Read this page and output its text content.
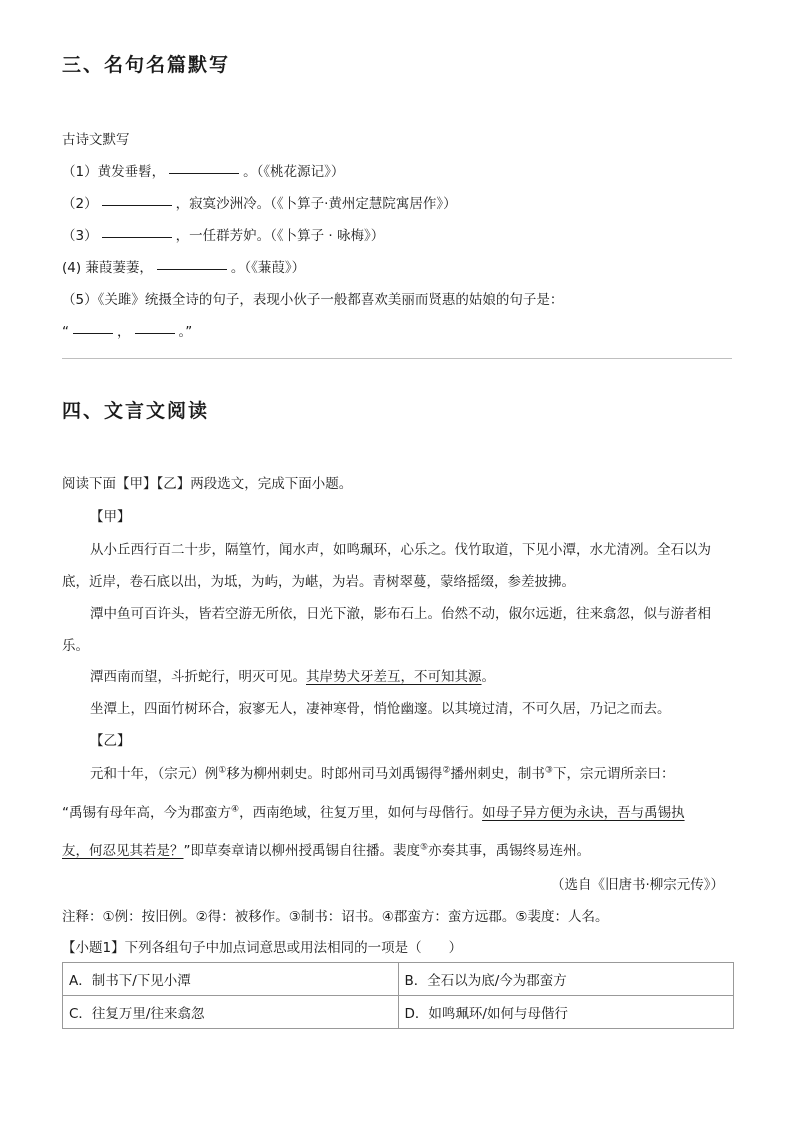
三、名句名篇默写
古诗文默写
（1）黄发垂髫，	。（《桃花源记》）
（2）	，寂寞沙洲冷。（《卜算子·黄州定慧院寓居作》）
（3）	，一任群芳妒。（《卜算子 · 咏梅》）
(4) 蒹葭萋萋，	。（《蒹葭》）
（5）《关雎》统摄全诗的句子，表现小伙子一般都喜欢美丽而贤惠的姑娘的句子是：
“	，	。”
四、文言文阅读
阅读下面【甲】【乙】两段选文，完成下面小题。
【甲】
从小丘西行百二十步，隔篁竹，闻水声，如鸣珮环，心乐之。伐竹取道，下见小潭，水尤清冽。全石以为
底，近岸，卷石底以出，为坻，为屿，为嵁，为岩。青树翠蔓，蒙络摇缀，参差披拂。
潭中鱼可百许头，皆若空游无所依，日光下澈，影布石上。佁然不动，俶尔远逝，往来翕忽，似与游者相
乐。
潭西南而望，斗折蛇行，明灭可见。其岸势犬牙差互，不可知其源。
坐潭上，四面竹树环合，寂寥无人，凄神寒骨，悄怆幽邃。以其境过清，不可久居，乃记之而去。
【乙】
元和十年，（宗元）例①移为柳州刺史。时郎州司马刘禹锡得②播州刺史，制书③下，宗元谓所亲曰：
“禹锡有母年高，今为郡蛮方④，西南绝域，往复万里，如何与母偕行。如母子异方便为永诀，吾与禹锡执
友，何忍见其若是？”即草奏章请以柳州授禹锡自往播。裴度⑤亦奏其事，禹锡终易连州。
（选自《旧唐书·柳宗元传》）
注释：①例：按旧例。②得：被移作。③制书：诏书。④郡蛮方：蛮方远郡。⑤裴度：人名。
【小题1】下列各组句子中加点词意思或用法相同的一项是（　　）
A．制书下/下见小潭	B．全石以为底/今为郡蛮方
C．往复万里/往来翕忽	D．如鸣珮环/如何与母偕行
